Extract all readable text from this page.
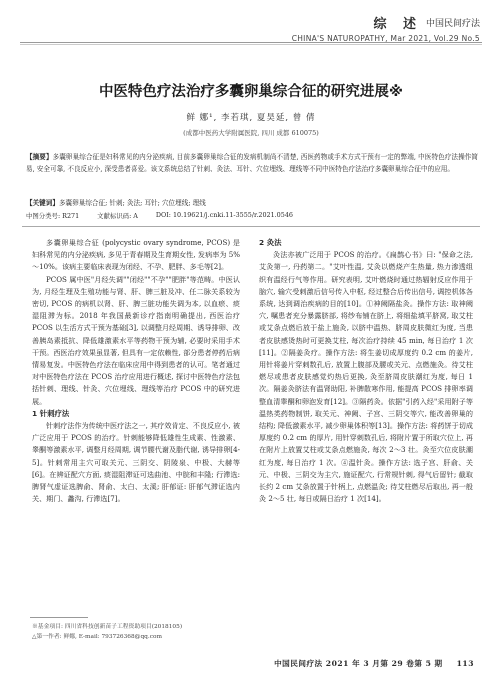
综 述 中国民间疗法
CHINA'S NATUROPATHY, Mar 2021, Vol.29 No.5
中医特色疗法治疗多囊卵巢综合征的研究进展※
鲜 娜¹, 李若琪, 夏昊延, 曾 倩
(成都中医药大学附属医院, 四川 成都 610075)
【摘要】多囊卵巢综合征是妇科常见的内分泌疾病, 目前多囊卵巢综合征的发病机制尚不清楚, 西医药物或手术方式干预有一定的弊端, 中医特色疗法操作简易, 安全可靠, 不良反应小, 深受患者喜爱。该文系统总结了针刺、灸法、耳针、穴位埋线、理线等不同中医特色疗法治疗多囊卵巢综合征中的应用。
【关键词】多囊卵巢综合征; 针刺; 灸法; 耳针; 穴位埋线; 理线
中图分类号: R271	文献标识码: A	DOI: 10.19621/j.cnki.11-3555/r.2021.0546

多囊卵巢综合征 (polycystic ovary syndrome, PCOS) 是妇科常见的内分泌疾病, 多见于青春期及生育期女性, 发病率为 5%～10%。该病主要临床表现为闭经、不孕、肥胖、多毛等[2]。

PCOS 属中医"月经失调""闭经""不孕""肥胖"等范畴。中医认为, 月经生理及生殖功能与肾、肝、脾三脏及冲、任二脉关系较为密切, PCOS 的病机以肾、肝、脾三脏功能失调为本, 以血瘀、痰湿阻滞为标。2018 年我国最新诊疗指南明确提出, 西医治疗 PCOS 以生活方式干预为基础[3], 以调整月经周期、诱导排卵、改善胰岛素抵抗、降低雄激素水平等药物干预为辅, 必要时采用手术干预。西医治疗效果虽显著, 但具有一定依赖性, 部分患者停药后病情易复发。中医特色疗法在临床应用中得到患者的认可。笔者通过对中医特色疗法在 PCOS 治疗应用进行概述, 探讨中医特色疗法包括针刺、理线、针灸、穴位埋线、理线等治疗 PCOS 中的研究进展。

1 针刺疗法

针刺疗法作为传统中医疗法之一, 其疗效肯定、不良反应小, 被广泛应用于 PCOS 的治疗。针刺能够降低雄性生成素、性激素、睾酮等激素水平, 调整月经周期, 调节腰代谢及脂代谢, 诱导排卵[4-5]。针刺常用主穴可取关元、三阴交、阴陵泉、中极、大赫等[6]。在辨证配穴方面, 痰湿阻滞证可选曲池、中脘和丰隆; 行滞选: 脾肾气虚证选脾俞、肾俞、太白、太溪; 肝郁证: 肝郁气滞证选内关、期门、蠡沟, 行滞选[7]。

2 灸法

灸法亦被广泛用于 PCOS 的治疗。《扁鹊心书》曰: "保命之法, 艾灸第一, 丹药第二。"艾叶性温, 艾灸以燃烧产生热量, 热力渗透组织有温经行气等作用。研究表明, 艾叶燃烧时通过热辐射反应作用于脑穴, 输穴受刺激后信号传入中枢, 经过整合后传出信号, 调控机体各系统, 达到调治疾病的目的[10]。①神阙隔盐灸。操作方法: 取神阙穴, 嘱患者充分暴露脐部, 将纱布铺在脐上, 将细盐填平脐窝, 取艾柱或艾条点燃后放于盐上施灸, 以脐中温热、脐周皮肤微红为度, 当患者皮肤感烫热时可更换艾柱, 每次治疗持续 45 min, 每日治疗 1 次[11]。②隔姜灸疗。操作方法: 将生姜切成厚度约 0.2 cm 的姜片, 用针将姜片穿刺数孔后, 放置上腹部及腰或关元、点燃施灸。待艾柱燃尽或患者皮肤感觉灼热后更换, 灸至脐周皮肤潮红为度, 每日 1 次。隔姜灸脐法有温肾助阳, 补脾散寒作用, 能提高 PCOS 排卵率调整血清睾酮和卵泡发育[12]。③隔药灸。依据"引药入经"采用附子等温热类药物制饼, 取关元、神阙、子宫、三阴交等穴, 能改善卵巢的结构; 降低激素水平, 减少卵巢体积等[13]。操作方法: 将药饼于切成厚度约 0.2 cm 的厚片, 用针穿刺数孔后, 将附片置于所取穴位上, 再在附片上放置艾柱或艾条点燃施灸, 每次 2～3 壮。灸至穴位皮肤潮红为度, 每日治疗 1 次。④温针灸。操作方法: 选子宫、肝俞、关元、中极、三阴交为主穴, 施证配穴, 行常规针刺, 得气后留针; 截取长约 2 cm 艾条放置于针柄上, 点燃温灸; 待艾柱燃尽后取出, 再一般灸 2～5 壮, 每日或隔日治疗 1 次[14]。

※基金项目: 四川省科技创新苗子工程资助项目(2018105)
△第一作者: 鲜娜, E-mail: 793726368@qq.com
中国民间疗法 2021 年 3 月第 29 卷第 5 期 113
